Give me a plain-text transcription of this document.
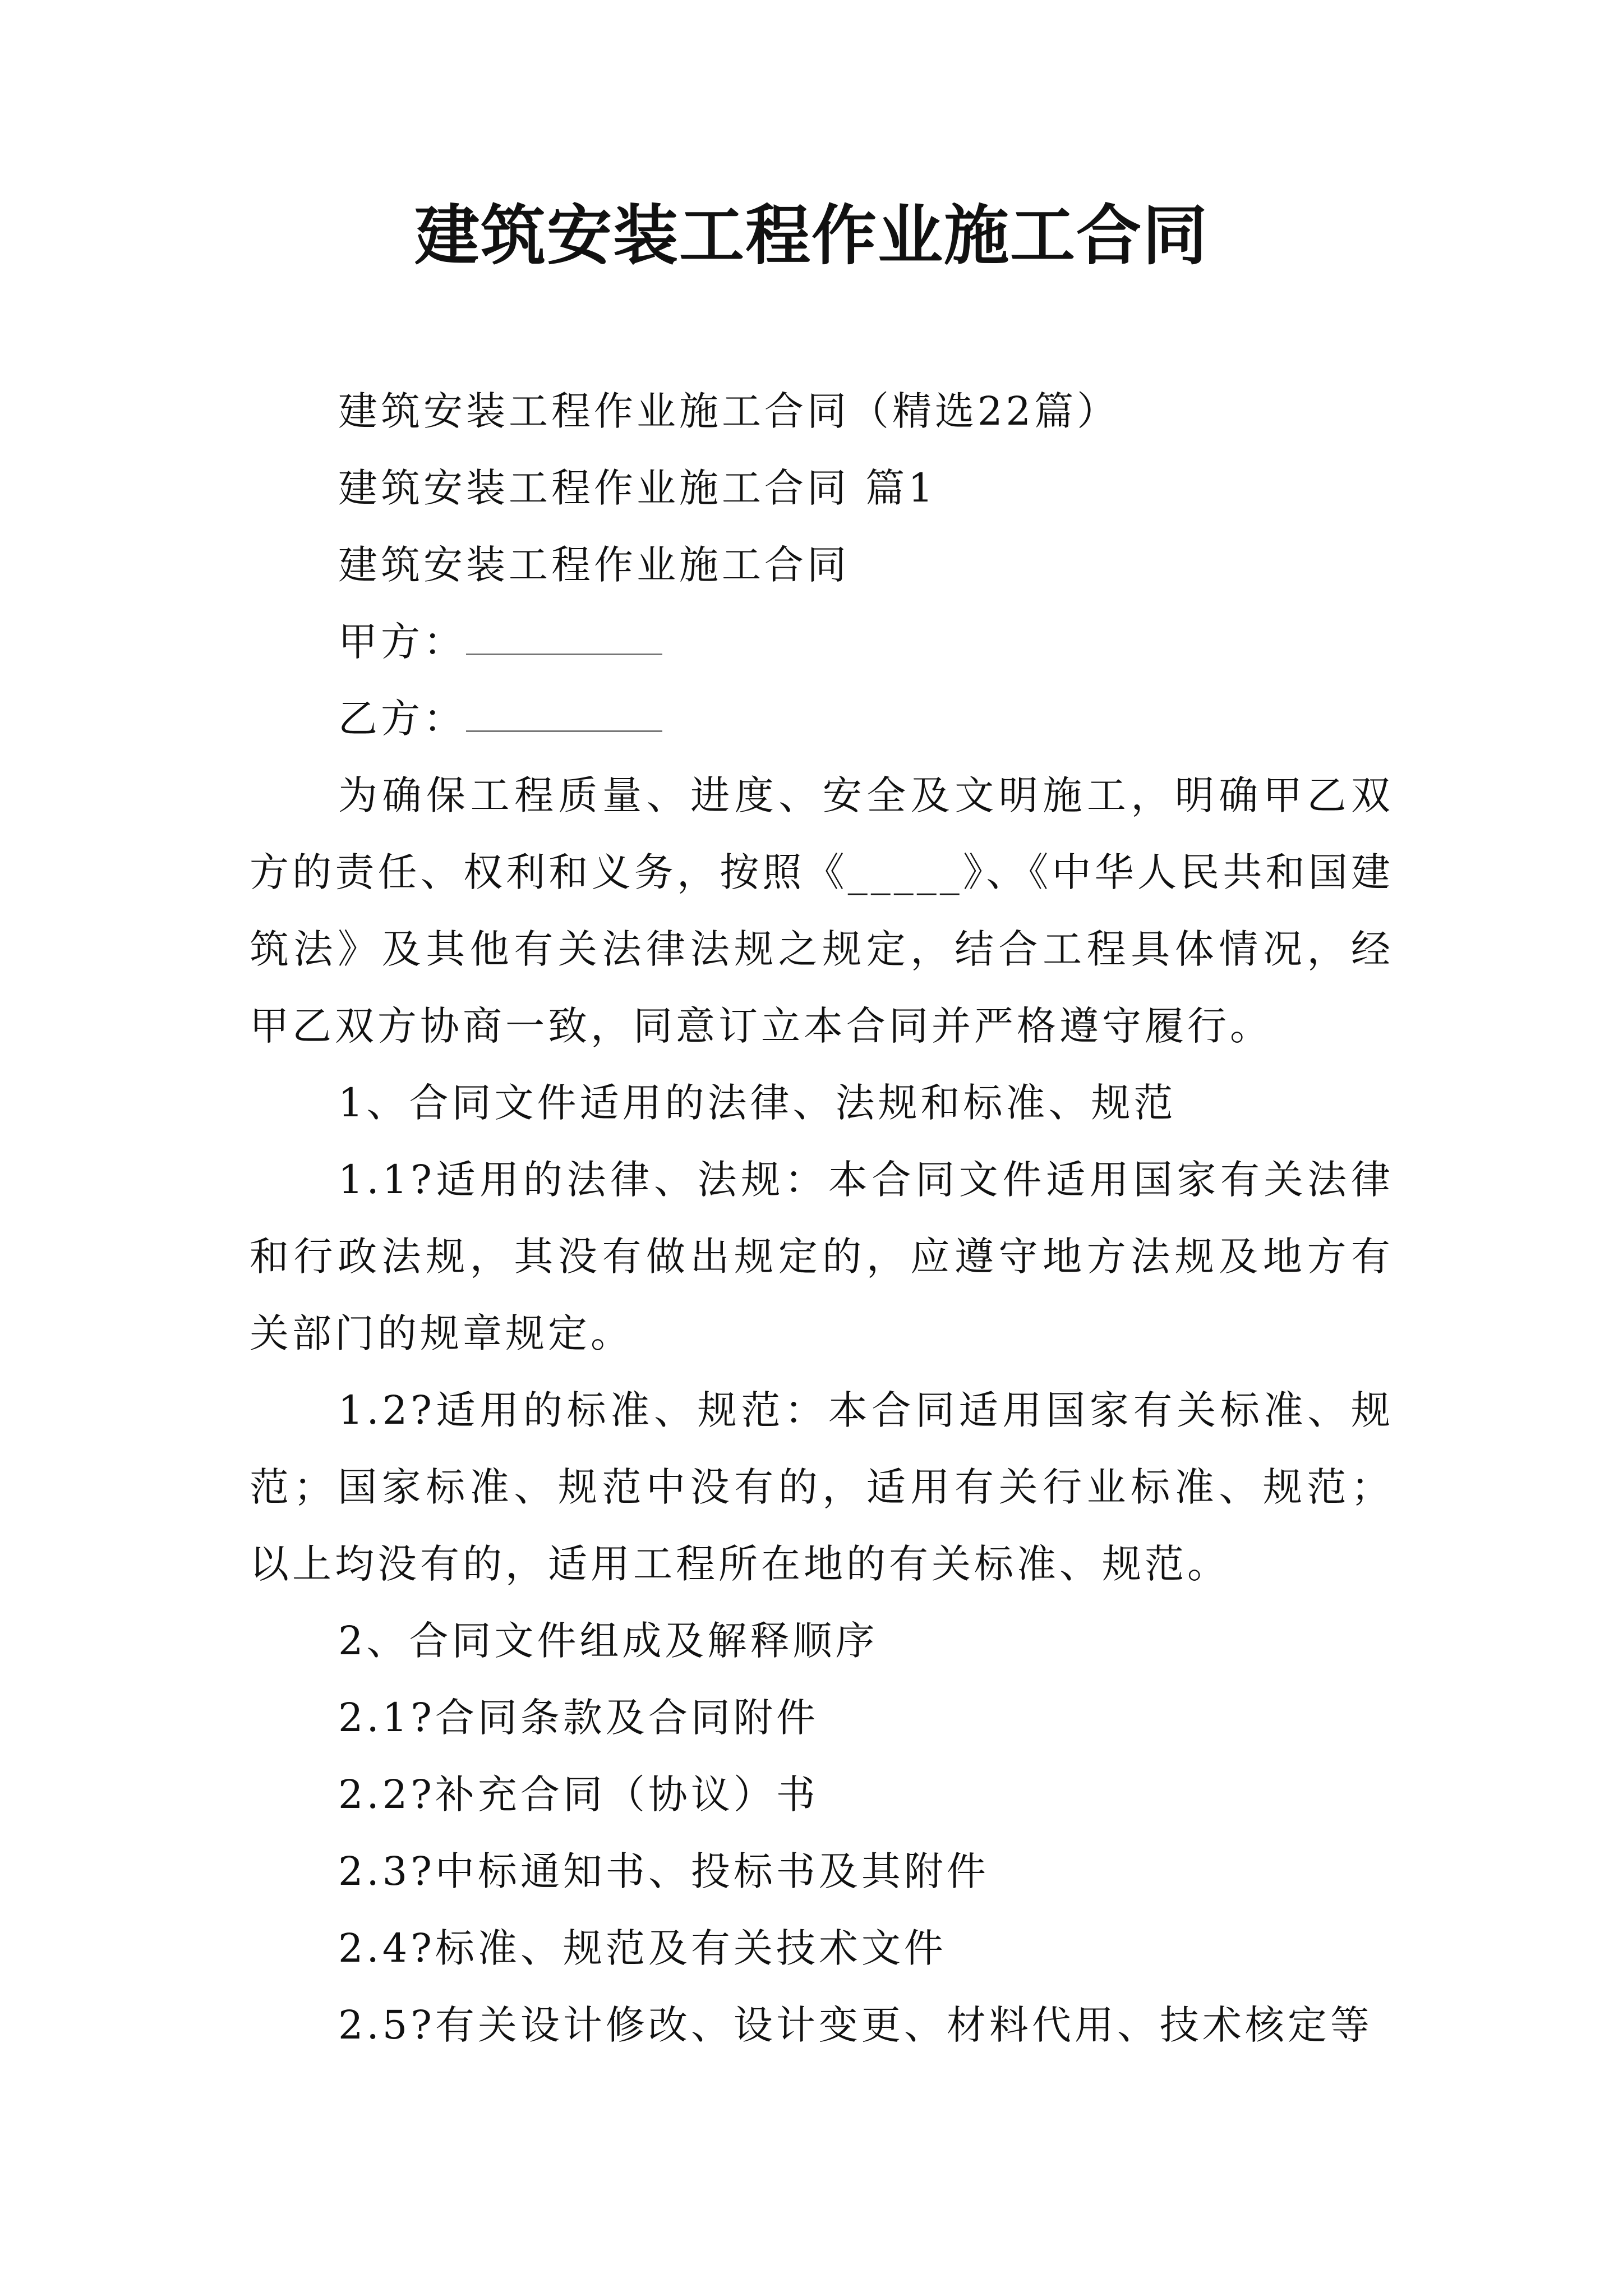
建筑安装工程作业施工合同

建筑安装工程作业施工合同（精选22篇）

建筑安装工程作业施工合同 篇1

建筑安装工程作业施工合同

甲方：

乙方：

为确保工程质量、进度、安全及文明施工，明确甲乙双方的责任、权利和义务，按照《_____》、《中华人民共和国建筑法》及其他有关法律法规之规定，结合工程具体情况，经甲乙双方协商一致，同意订立本合同并严格遵守履行。

1、合同文件适用的法律、法规和标准、规范

1.1?适用的法律、法规：本合同文件适用国家有关法律和行政法规，其没有做出规定的，应遵守地方法规及地方有关部门的规章规定。

1.2?适用的标准、规范：本合同适用国家有关标准、规范；国家标准、规范中没有的，适用有关行业标准、规范；以上均没有的，适用工程所在地的有关标准、规范。

2、合同文件组成及解释顺序

2.1?合同条款及合同附件

2.2?补充合同（协议）书

2.3?中标通知书、投标书及其附件

2.4?标准、规范及有关技术文件

2.5?有关设计修改、设计变更、材料代用、技术核定等
